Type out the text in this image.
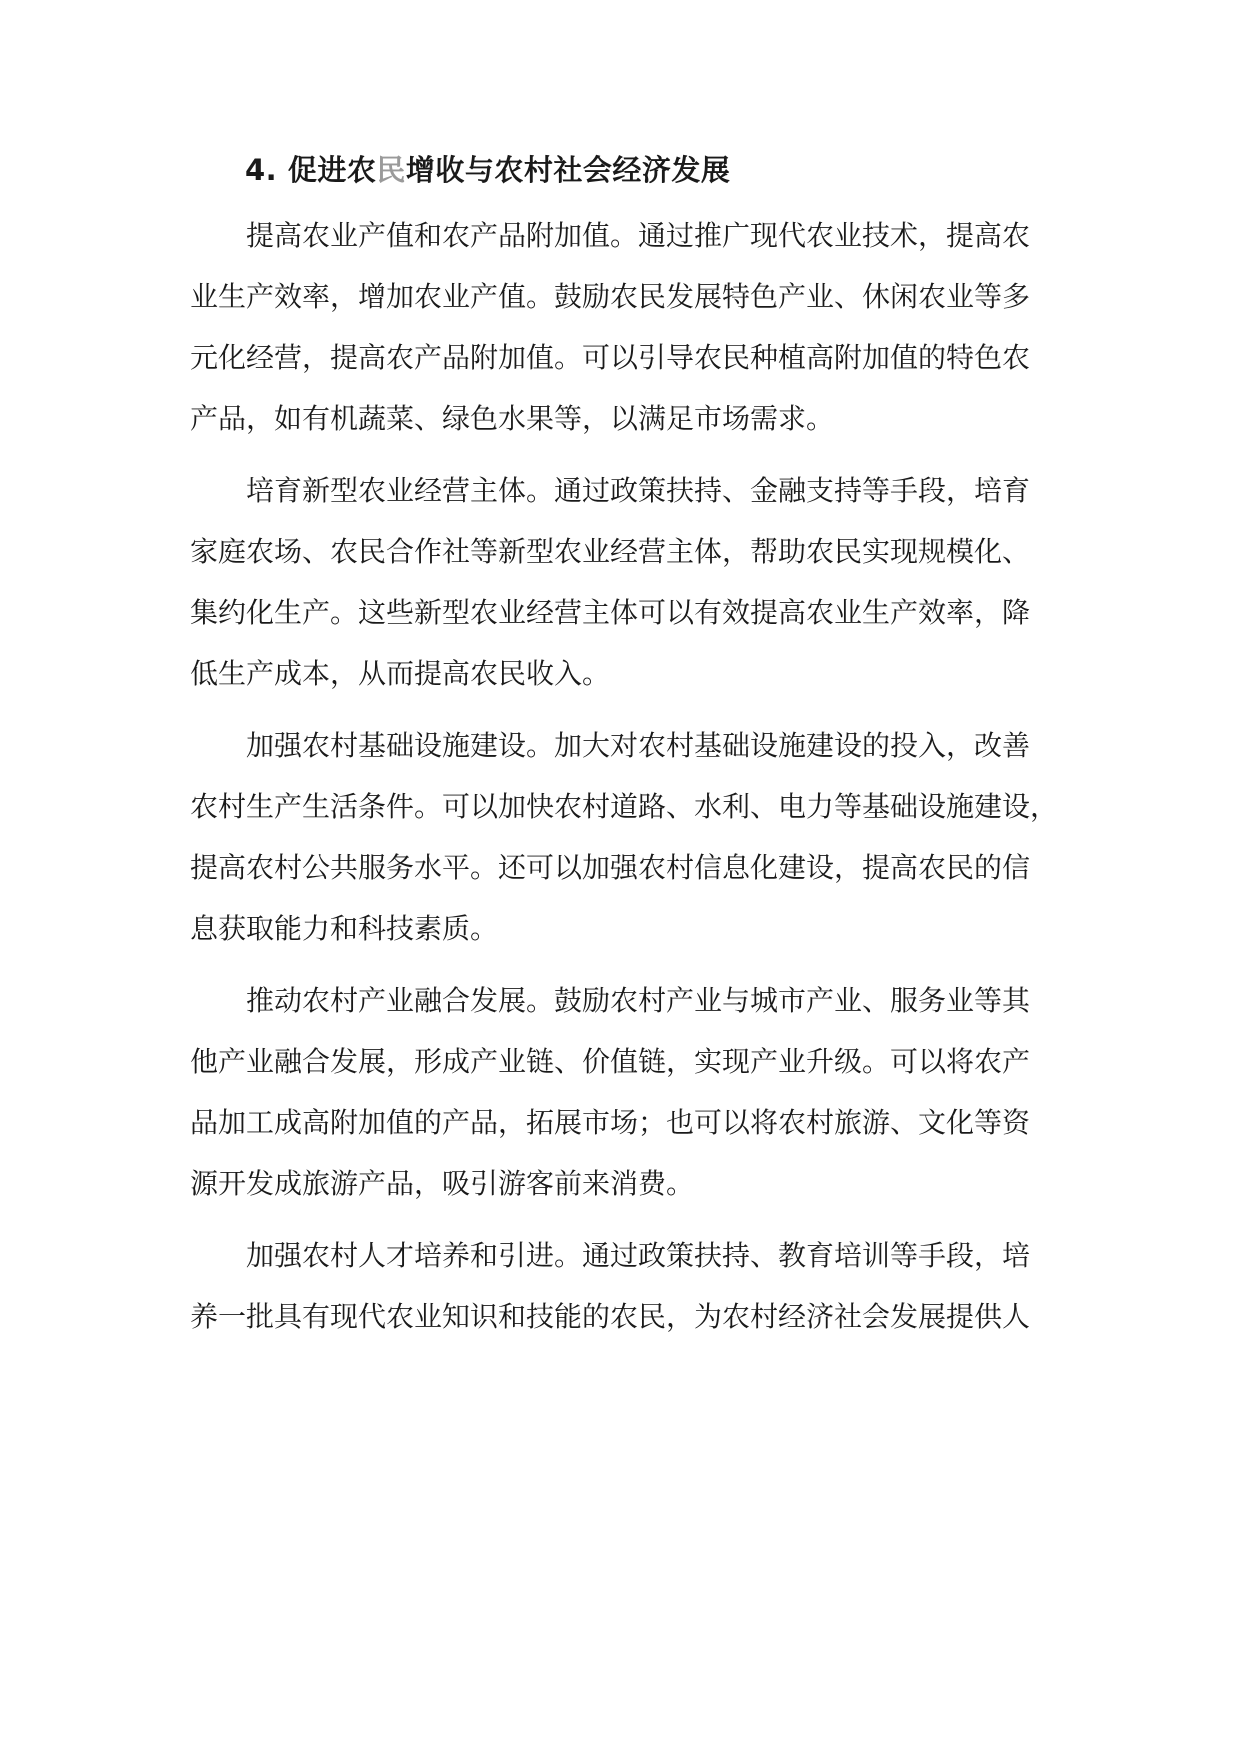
4. 促进农民增收与农村社会经济发展
提高农业产值和农产品附加值。通过推广现代农业技术，提高农
业生产效率，增加农业产值。鼓励农民发展特色产业、休闲农业等多
元化经营，提高农产品附加值。可以引导农民种植高附加值的特色农
产品，如有机蔬菜、绿色水果等，以满足市场需求。
培育新型农业经营主体。通过政策扶持、金融支持等手段，培育
家庭农场、农民合作社等新型农业经营主体，帮助农民实现规模化、
集约化生产。这些新型农业经营主体可以有效提高农业生产效率，降
低生产成本，从而提高农民收入。
加强农村基础设施建设。加大对农村基础设施建设的投入，改善
农村生产生活条件。可以加快农村道路、水利、电力等基础设施建设，
提高农村公共服务水平。还可以加强农村信息化建设，提高农民的信
息获取能力和科技素质。
推动农村产业融合发展。鼓励农村产业与城市产业、服务业等其
他产业融合发展，形成产业链、价值链，实现产业升级。可以将农产
品加工成高附加值的产品，拓展市场；也可以将农村旅游、文化等资
源开发成旅游产品，吸引游客前来消费。
加强农村人才培养和引进。通过政策扶持、教育培训等手段，培
养一批具有现代农业知识和技能的农民，为农村经济社会发展提供人
